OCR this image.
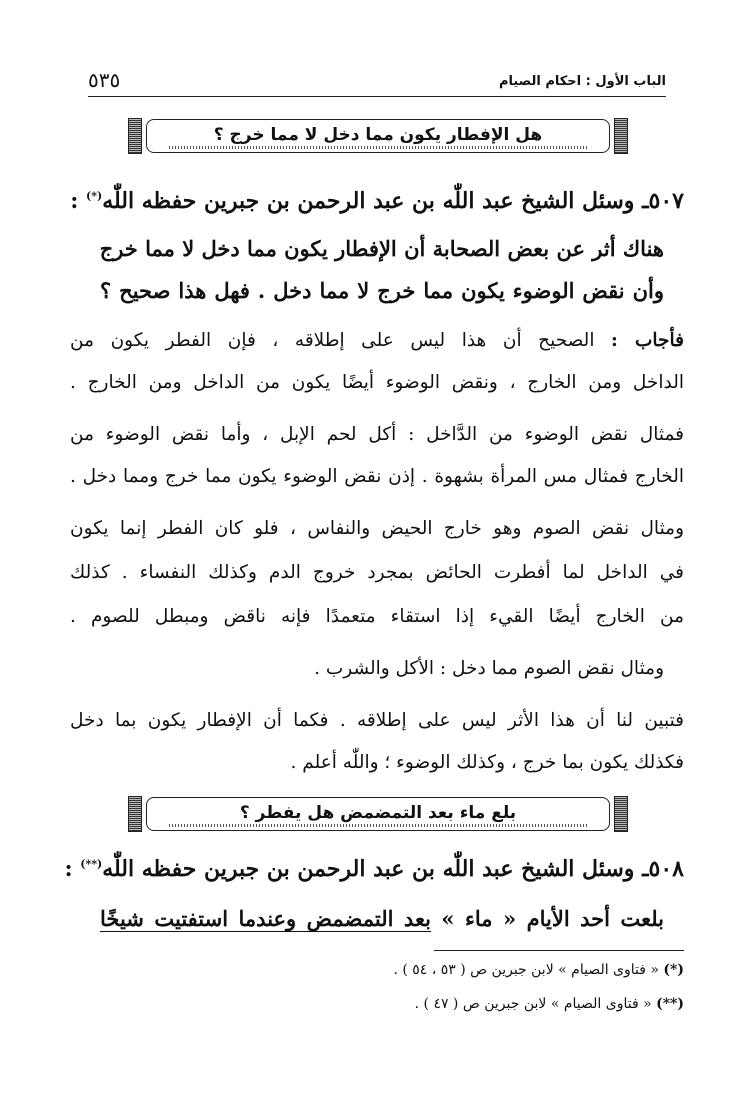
الباب الأول : احكام الصيام
٥٣٥
هل الإفطار يكون مما دخل لا مما خرج ؟
٥٠٧ـ وسئل الشيخ عبد اللّٰه بن عبد الرحمن بن جبرين حفظه اللّٰه(*) :
هناك أثر عن بعض الصحابة أن الإفطار يكون مما دخل لا مما خرج
وأن نقض الوضوء يكون مما خرج لا مما دخل . فهل هذا صحيح ؟
فأجاب : الصحيح أن هذا ليس على إطلاقه ، فإن الفطر يكون من
الداخل ومن الخارج ، ونقض الوضوء أيضًا يكون من الداخل ومن الخارج .
فمثال نقض الوضوء من الدَّاخل : أكل لحم الإبل ، وأما نقض الوضوء من
الخارج فمثال مس المرأة بشهوة . إذن نقض الوضوء يكون مما خرج ومما دخل .
ومثال نقض الصوم وهو خارج الحيض والنفاس ، فلو كان الفطر إنما يكون
في الداخل لما أفطرت الحائض بمجرد خروج الدم وكذلك النفساء . كذلك
من الخارج أيضًا القيء إذا استقاء متعمدًا فإنه ناقض ومبطل للصوم .
ومثال نقض الصوم مما دخل : الأكل والشرب .
فتبين لنا أن هذا الأثر ليس على إطلاقه . فكما أن الإفطار يكون بما دخل
فكذلك يكون بما خرج ، وكذلك الوضوء ؛ واللّٰه أعلم .
بلع ماء بعد التمضمض هل يفطر ؟
٥٠٨ـ وسئل الشيخ عبد اللّٰه بن عبد الرحمن بن جبرين حفظه اللّٰه(**) :
بلعت أحد الأيام « ماء » بعد التمضمض وعندما استفتيت شيخًا
(*) « فتاوى الصيام » لابن جبرين ص ( ٥٣ ، ٥٤ ) .
(**) « فتاوى الصيام » لابن جبرين ص ( ٤٧ ) .
